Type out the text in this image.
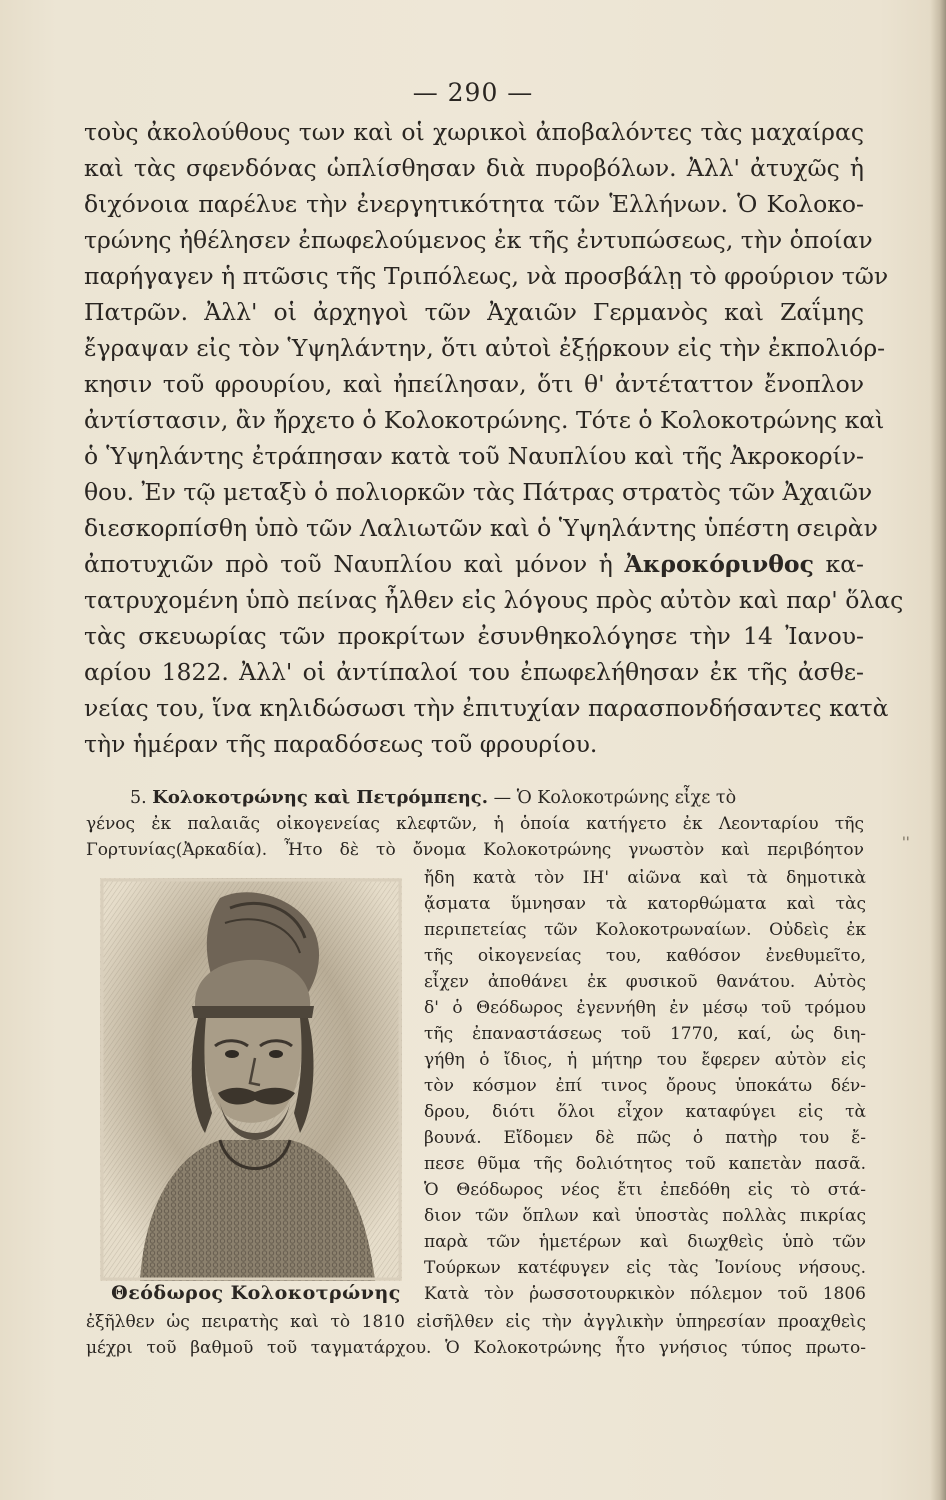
— 290 —
τοὺς ἀκολούθους των καὶ οἱ χωρικοὶ ἀποβαλόντες τὰς μαχαίρας
καὶ τὰς σφενδόνας ὡπλίσθησαν διὰ πυροβόλων. Ἀλλ' ἀτυχῶς ἡ
διχόνοια παρέλυε τὴν ἐνεργητικότητα τῶν Ἑλλήνων. Ὁ Κολοκο-
τρώνης ἠθέλησεν ἐπωφελούμενος ἐκ τῆς ἐντυπώσεως, τὴν ὁποίαν
παρήγαγεν ἡ πτῶσις τῆς Τριπόλεως, νὰ προσβάλῃ τὸ φρούριον τῶν
Πατρῶν. Ἀλλ' οἱ ἀρχηγοὶ τῶν Ἀχαιῶν Γερμανὸς καὶ Ζαΐμης
ἔγραψαν εἰς τὸν Ὑψηλάντην, ὅτι αὐτοὶ ἐξῄρκουν εἰς τὴν ἐκπολιόρ-
κησιν τοῦ φρουρίου, καὶ ἠπείλησαν, ὅτι θ' ἀντέταττον ἔνοπλον
ἀντίστασιν, ἂν ἤρχετο ὁ Κολοκοτρώνης. Τότε ὁ Κολοκοτρώνης καὶ
ὁ Ὑψηλάντης ἐτράπησαν κατὰ τοῦ Ναυπλίου καὶ τῆς Ἀκροκορίν-
θου. Ἐν τῷ μεταξὺ ὁ πολιορκῶν τὰς Πάτρας στρατὸς τῶν Ἀχαιῶν
διεσκορπίσθη ὑπὸ τῶν Λαλιωτῶν καὶ ὁ Ὑψηλάντης ὑπέστη σειρὰν
ἀποτυχιῶν πρὸ τοῦ Ναυπλίου καὶ μόνον ἡ Ἀκροκόρινθος κα-
τατρυχομένη ὑπὸ πείνας ἦλθεν εἰς λόγους πρὸς αὐτὸν καὶ παρ' ὅλας
τὰς σκευωρίας τῶν προκρίτων ἐσυνθηκολόγησε τὴν 14 Ἰανου-
αρίου 1822. Ἀλλ' οἱ ἀντίπαλοί του ἐπωφελήθησαν ἐκ τῆς ἀσθε-
νείας του, ἵνα κηλιδώσωσι τὴν ἐπιτυχίαν παρασπονδήσαντες κατὰ
τὴν ἡμέραν τῆς παραδόσεως τοῦ φρουρίου.
5. Κολοκοτρώνης καὶ Πετρόμπεης. — Ὁ Κολοκοτρώνης εἶχε τὸ
γένος ἐκ παλαιᾶς οἰκογενείας κλεφτῶν, ἡ ὁποία κατήγετο ἐκ Λεονταρίου τῆς
Γορτυνίας(Ἀρκαδία). Ἦτο δὲ τὸ ὄνομα Κολοκοτρώνης γνωστὸν καὶ περιβόητον	''
ἤδη κατὰ τὸν ΙΗ' αἰῶνα καὶ τὰ δημοτικὰ
ᾄσματα ὕμνησαν τὰ κατορθώματα καὶ τὰς
περιπετείας τῶν Κολοκοτρωναίων. Οὐδεὶς ἐκ
τῆς οἰκογενείας του, καθόσον ἐνεθυμεῖτο,
εἶχεν ἀποθάνει ἐκ φυσικοῦ θανάτου. Αὐτὸς
δ' ὁ Θεόδωρος ἐγεννήθη ἐν μέσῳ τοῦ τρόμου
τῆς ἐπαναστάσεως τοῦ 1770, καί, ὡς διη-
γήθη ὁ ἴδιος, ἡ μήτηρ του ἔφερεν αὐτὸν εἰς
τὸν κόσμον ἐπί τινος ὄρους ὑποκάτω δέν-
δρου, διότι ὅλοι εἶχον καταφύγει εἰς τὰ
βουνά. Εἴδομεν δὲ πῶς ὁ πατὴρ του ἔ-
πεσε θῦμα τῆς δολιότητος τοῦ καπετὰν πασᾶ.
Ὁ Θεόδωρος νέος ἔτι ἐπεδόθη εἰς τὸ στά-
διον τῶν ὅπλων καὶ ὑποστὰς πολλὰς πικρίας
παρὰ τῶν ἡμετέρων καὶ διωχθεὶς ὑπὸ τῶν
Τούρκων κατέφυγεν εἰς τὰς Ἰονίους νήσους.
Κατὰ τὸν ῥωσσοτουρκικὸν πόλεμον τοῦ 1806
ἐξῆλθεν ὡς πειρατὴς καὶ τὸ 1810 εἰσῆλθεν εἰς τὴν ἀγγλικὴν ὑπηρεσίαν προαχθεὶς
μέχρι τοῦ βαθμοῦ τοῦ ταγματάρχου. Ὁ Κολοκοτρώνης ἦτο γνήσιος τύπος πρωτο-
Θεόδωρος Κολοκοτρώνης
